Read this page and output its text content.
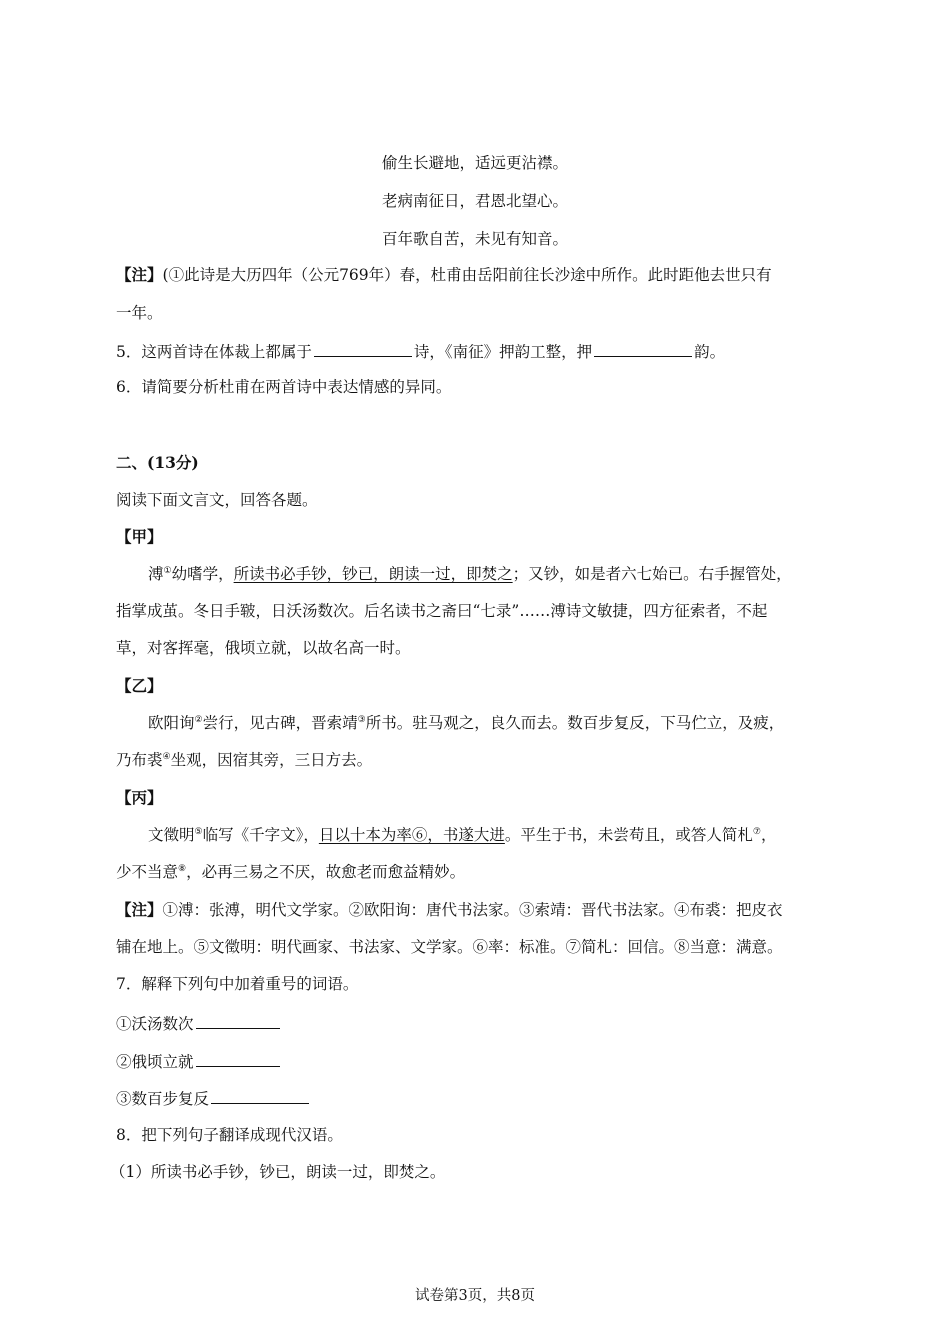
偷生长避地，适远更沾襟。
老病南征日，君恩北望心。
百年歌自苦，未见有知音。
【注】(①此诗是大历四年（公元769年）春，杜甫由岳阳前往长沙途中所作。此时距他去世只有
一年。
5．这两首诗在体裁上都属于	诗，《南征》押韵工整，押	韵。
6．请简要分析杜甫在两首诗中表达情感的异同。
二、(13分)
阅读下面文言文，回答各题。
【甲】
溥①幼嗜学，所读书必手钞，钞已，朗读一过，即焚之；又钞，如是者六七始已。右手握管处，
指掌成茧。冬日手皲，日沃汤数次。后名读书之斋曰“七录”……溥诗文敏捷，四方征索者，不起
草，对客挥毫，俄顷立就，以故名高一时。
【乙】
欧阳询②尝行，见古碑，晋索靖③所书。驻马观之，良久而去。数百步复反，下马伫立，及疲，
乃布裘④坐观，因宿其旁，三日方去。
【丙】
文徵明⑤临写《千字文》，日以十本为率⑥，书遂大进。平生于书，未尝苟且，或答人简札⑦，
少不当意⑧，必再三易之不厌，故愈老而愈益精妙。
【注】①溥：张溥，明代文学家。②欧阳询：唐代书法家。③索靖：晋代书法家。④布裘：把皮衣
铺在地上。⑤文徵明：明代画家、书法家、文学家。⑥率：标准。⑦简札：回信。⑧当意：满意。
7．解释下列句中加着重号的词语。
①沃汤数次
②俄顷立就
③数百步复反
8．把下列句子翻译成现代汉语。
（1）所读书必手钞，钞已，朗读一过，即焚之。
试卷第3页，共8页
